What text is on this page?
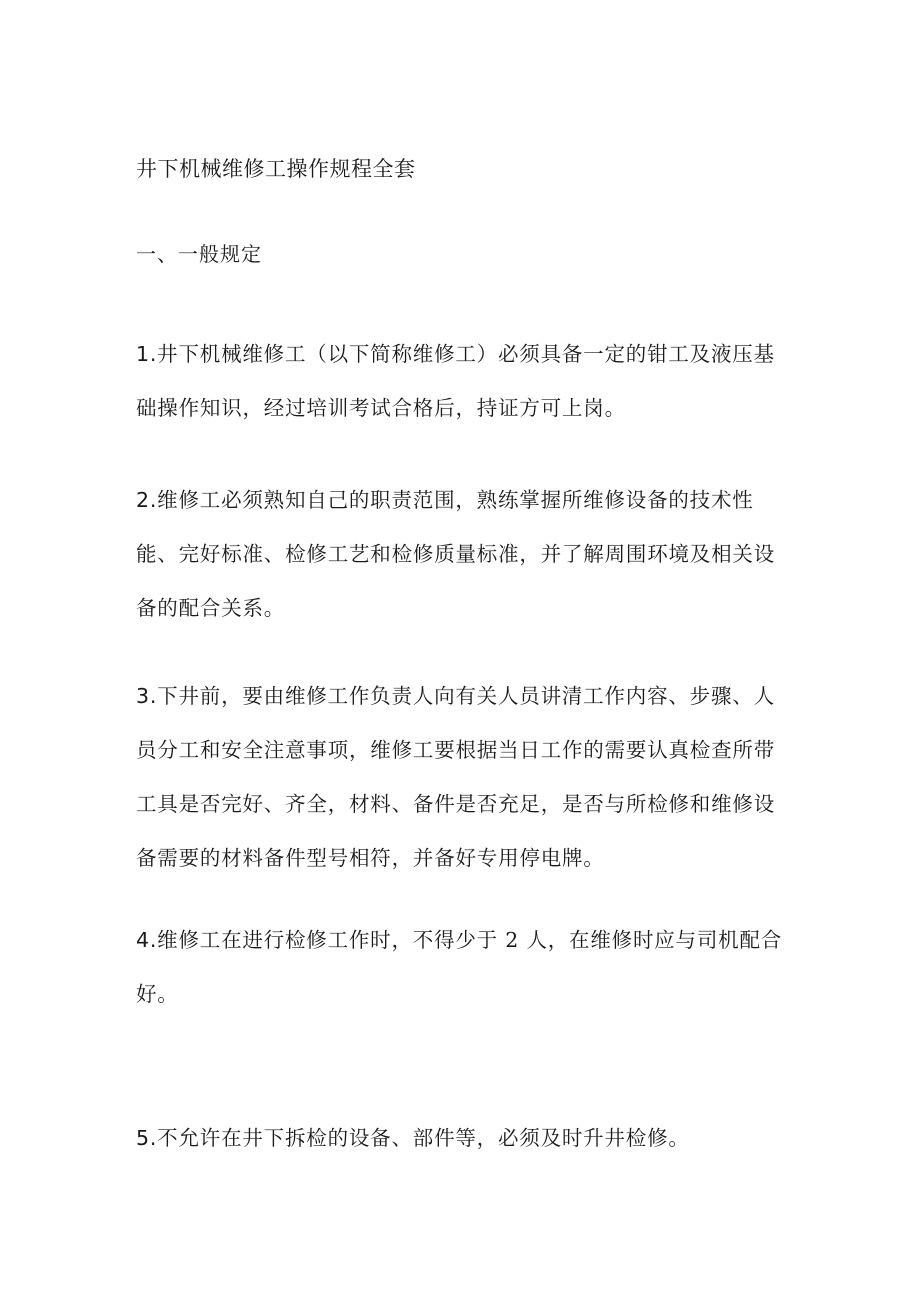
井下机械维修工操作规程全套

一、一般规定

1.井下机械维修工（以下简称维修工）必须具备一定的钳工及液压基础操作知识，经过培训考试合格后，持证方可上岗。

2.维修工必须熟知自己的职责范围，熟练掌握所维修设备的技术性能、完好标准、检修工艺和检修质量标准，并了解周围环境及相关设备的配合关系。

3.下井前，要由维修工作负责人向有关人员讲清工作内容、步骤、人员分工和安全注意事项，维修工要根据当日工作的需要认真检查所带工具是否完好、齐全，材料、备件是否充足，是否与所检修和维修设备需要的材料备件型号相符，并备好专用停电牌。

4.维修工在进行检修工作时，不得少于 2 人，在维修时应与司机配合好。

5.不允许在井下拆检的设备、部件等，必须及时升井检修。
